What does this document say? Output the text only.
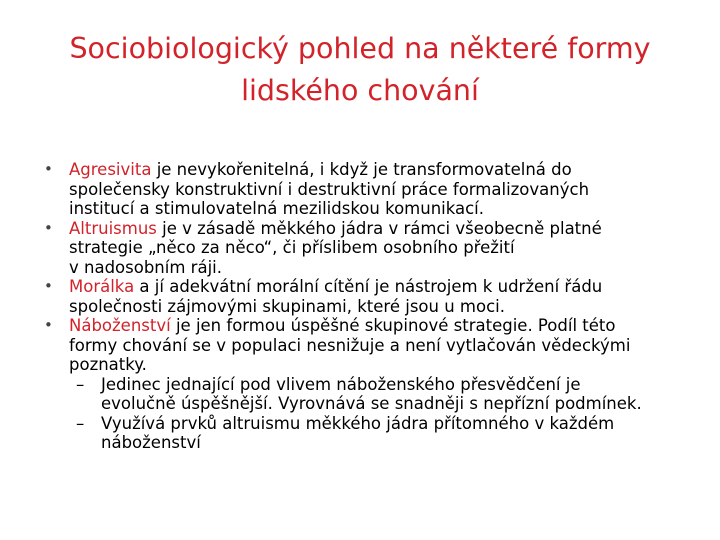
Sociobiologický pohled na některé formy
lidského chování
• Agresivita je nevykořenitelná, i když je transformovatelná do
společensky konstruktivní i destruktivní práce formalizovaných
institucí a stimulovatelná mezilidskou komunikací.
• Altruismus je v zásadě měkkého jádra v rámci všeobecně platné
strategie „něco za něco“, či příslibem osobního přežití
v nadosobním ráji.
• Morálka a jí adekvátní morální cítění je nástrojem k udržení řádu
společnosti zájmovými skupinami, které jsou u moci.
• Náboženství je jen formou úspěšné skupinové strategie. Podíl této
formy chování se v populaci nesnižuje a není vytlačován vědeckými
poznatky.
– Jedinec jednající pod vlivem náboženského přesvědčení je
evolučně úspěšnější. Vyrovnává se snadněji s nepřízní podmínek.
– Využívá prvků altruismu měkkého jádra přítomného v každém
náboženství
